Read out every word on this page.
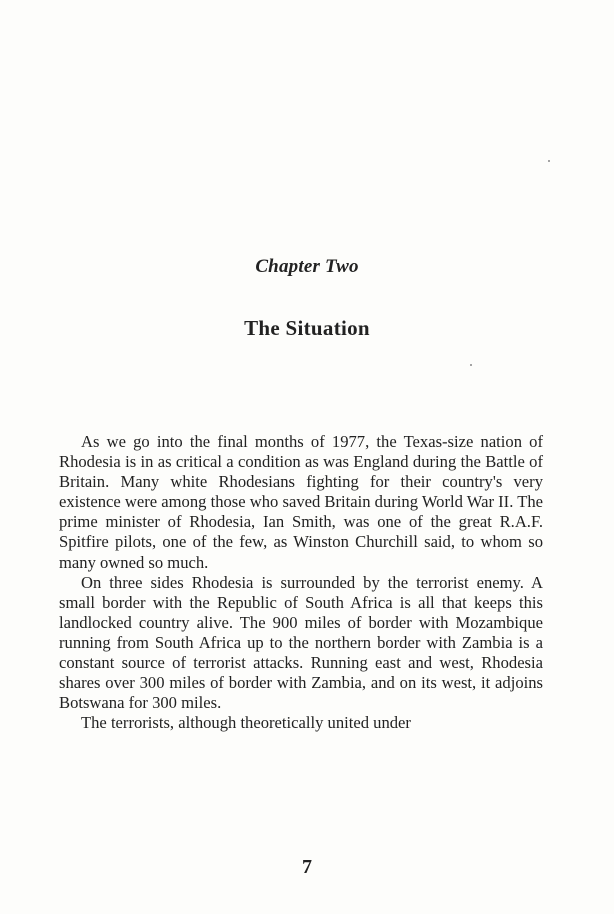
Chapter Two
The Situation

As we go into the final months of 1977, the Texas-size nation of Rhodesia is in as critical a condition as was England during the Battle of Britain. Many white Rhodesians fighting for their country's very existence were among those who saved Britain during World War II. The prime minister of Rhodesia, Ian Smith, was one of the great R.A.F. Spitfire pilots, one of the few, as Winston Churchill said, to whom so many owned so much.

On three sides Rhodesia is surrounded by the terrorist enemy. A small border with the Republic of South Africa is all that keeps this landlocked country alive. The 900 miles of border with Mozambique running from South Africa up to the northern border with Zambia is a constant source of terrorist attacks. Running east and west, Rhodesia shares over 300 miles of border with Zambia, and on its west, it adjoins Botswana for 300 miles.

The terrorists, although theoretically united under

7
